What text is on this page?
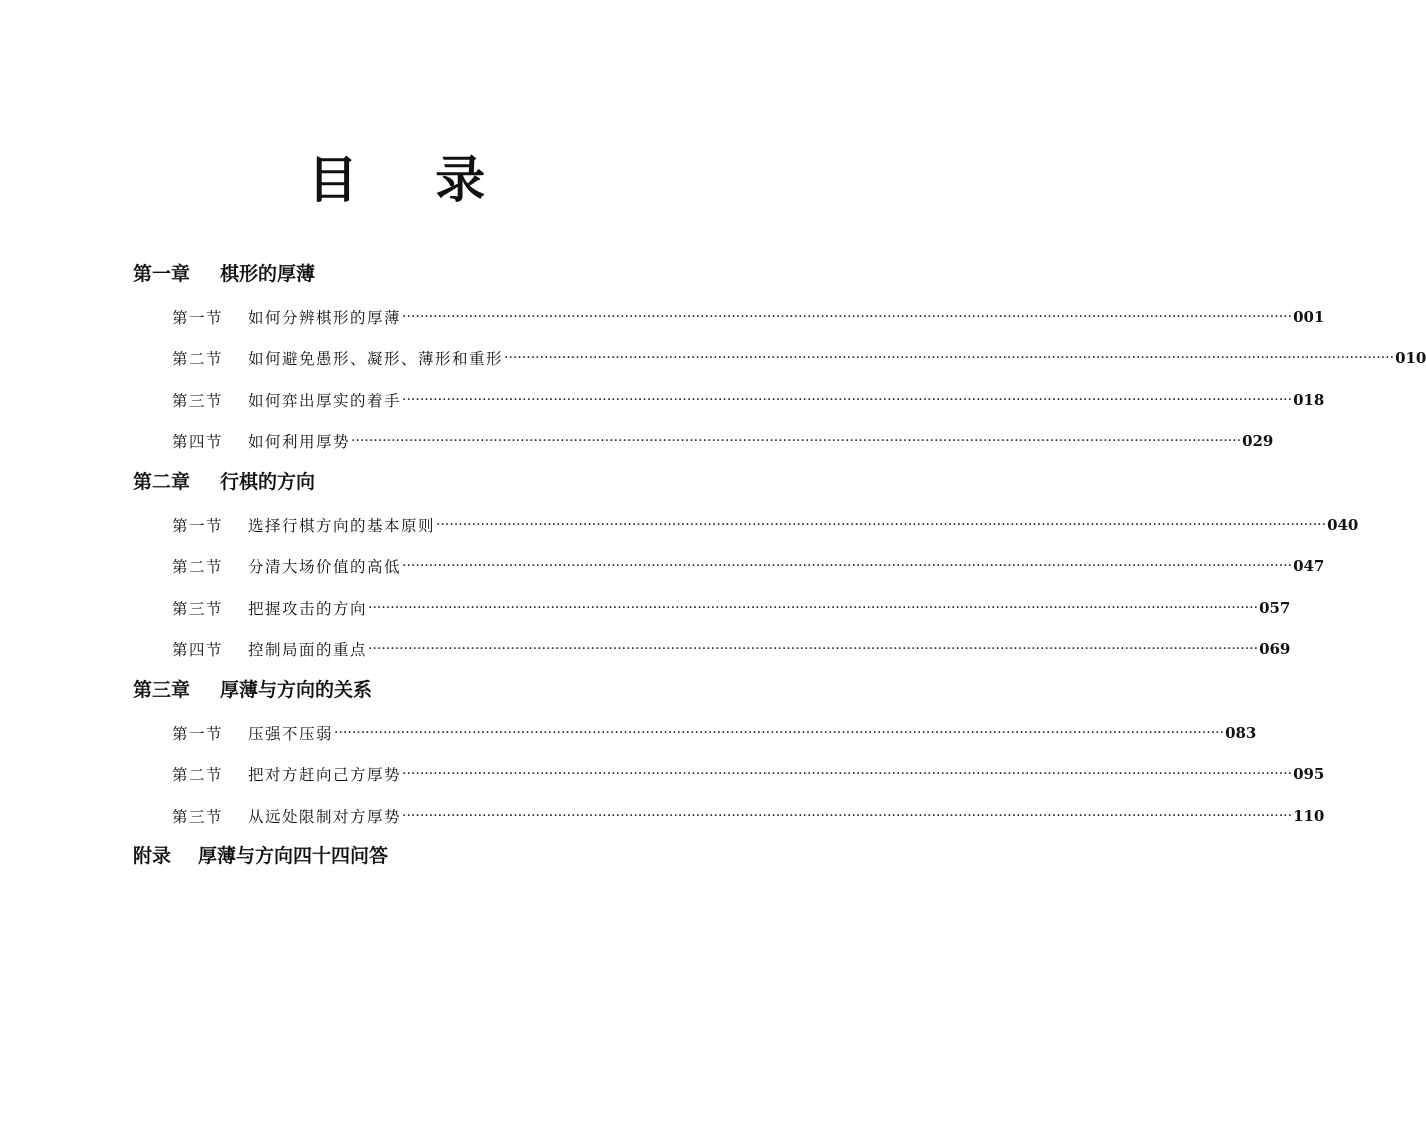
目 录
第一章	棋形的厚薄
第一节	如何分辨棋形的厚薄 ········································································································································································································ 001
第二节	如何避免愚形、凝形、薄形和重形 ········································································································································································································ 010
第三节	如何弈出厚实的着手 ········································································································································································································ 018
第四节	如何利用厚势 ········································································································································································································ 029
第二章	行棋的方向
第一节	选择行棋方向的基本原则 ········································································································································································································ 040
第二节	分清大场价值的高低 ········································································································································································································ 047
第三节	把握攻击的方向 ········································································································································································································ 057
第四节	控制局面的重点 ········································································································································································································ 069
第三章	厚薄与方向的关系
第一节	压强不压弱 ········································································································································································································ 083
第二节	把对方赶向己方厚势 ········································································································································································································ 095
第三节	从远处限制对方厚势 ········································································································································································································ 110
附录	厚薄与方向四十四问答
